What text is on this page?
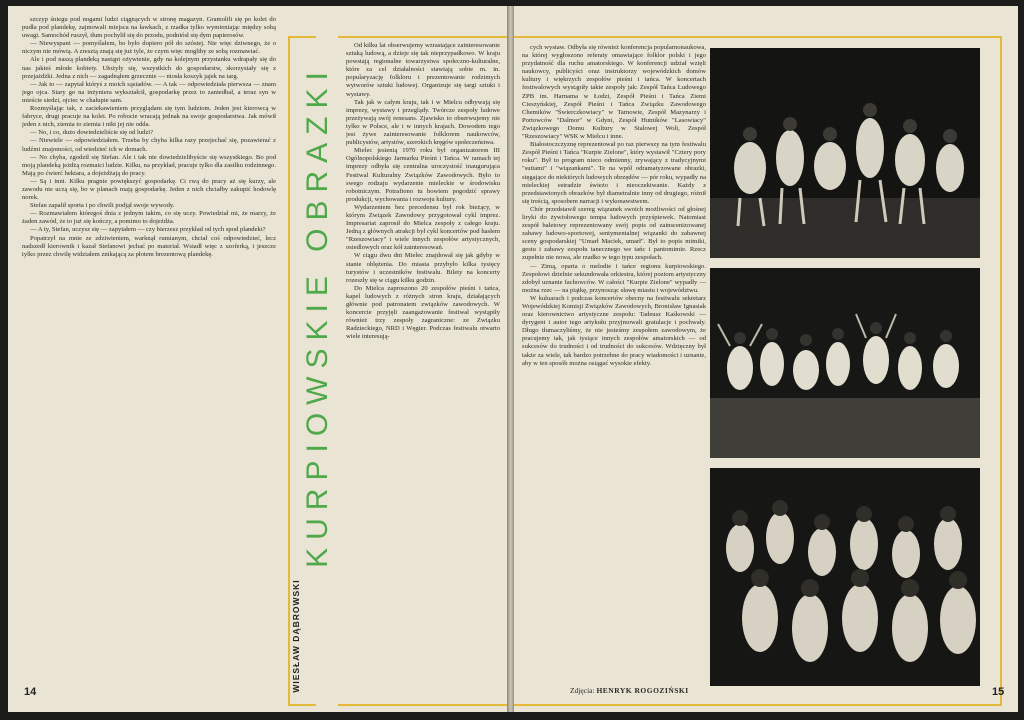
szczyp śniegu pod nogami ludzi ciągnących w stronę magazyn. Gramolili się po kolei do pudła pod plandekę, zajmowali miejsca na ławkach, z rzadka tylko wymieniając między sobą uwagi. Samochód ruszył, tłum pochylił się do przodu, podniósł się dym papierosów.

— Niewyspani — pomyślałem, bo było dopiero pół do szóstej. Nie więc dziwnego, że o niczym nie mówią. A zresztą znają się już tyle, że czym więc mogliby ze sobą rozmawiać.

Ale i pod naszą plandeką nastąpi ożywienie, gdy na kolejnym przystanku wdrapały się do nas jakieś młode kobiety. Ułożyły się, wszystkich do gospodarstw, skorzystały się z przejażdżki. Jedna z nich — zagadnąłem grzecznie — niosła koszyk jajek na targ.

— Jak to — zapytał któryś z moich sąsiadów. — A tak — odpowiedziała pierwsza — znam jego ojca. Stary go na inżyniera wykształcił, gospodarkę przez to zaniedbał, a teraz syn w mieście siedzi, ojciec w chałupie sam.

Rozmyślając tak, z zaciekawieniem przyglądam się tym ludziom. Jeden jest kierowcą w fabryce, drugi pracuje na kolei. Po robocie wracają jednak na swoje gospodarstwa. Jak mówił jeden z nich, ziemia to ziemia i nikt jej nie odda.

— No, i co, dużo dowiedzieliście się od ludzi?

— Niewiele — odpowiedziałem. Trzeba by chyba kilka razy przejechać się, pozawierać z ludźmi znajomości, od wiedzieć ich w domach.

— No chyba, zgodził się Stefan. Ale i tak nie dowiedzielibyście się wszystkiego. Bo pod moją plandeką jeżdżą rozmaici ludzie. Kilku, na przykład, pracuje tylko dla zasiłku rodzinnego. Mają po ćwierć hektara, a dojeżdżają do pracy.

— Są i inni. Kilku pragnie powiększyć gospodarkę. Ci rwą do pracy aż się kurzy, ale zawodu nie uczą się, bo w planach mają gospodarkę. Jeden z nich chciałby zakupić hodowlę norek.

Stefan zapalił sporta i po chwili podjął swoje wywody.

— Rozmawiałem któregoś dnia z jednym takim, co się uczy. Powiedział mi, że marzy, że żaden zawód, że to już się kończy, a pomimo to dojeżdża.

— A ty, Stefan, uczysz się — zapytałem — czy bierzesz przykład od tych spod plandeki?

Popatrzył na mnie ze zdziwieniem, warknął rumianym, chciał coś odpowiedzieć, lecz nadszedł kierownik i kazał Stefanowi jechać po materiał. Wsiadł więc z szoferką, i jeszcze tylko przez chwilę widziałem znikającą za płotem brezentową plandekę.

14
KURPIOWSKIE OBRAZKI
WIESŁAW DĄBROWSKI

Od kilku lat obserwujemy wzrastające zainteresowanie sztuką ludową, a dzieje się tak nieprzypadkowo. W kraju powstają regionalne towarzystwa społeczno-kulturalne, które za cel działalności stawiają sobie m. in. popularyzację folkloru i prezentowanie rodzimych wytworów sztuki ludowej. Organizuje się targi sztuki i wystawy.

Tak jak w całym kraju, tak i w Mielcu odbywają się imprezy, wystawy i przeglądy. Twórcze zespoły ludowe przeżywają swój renesans. Zjawisko to obserwujemy nie tylko w Polsce, ale i w innych krajach. Dowodem tego jest żywe zainteresowanie folklorem naukowców, publicystów, artystów, szerokich kręgów społeczeństwa.

Mielec jesienią 1970 roku był organizatorem III Ogólnopolskiego Jarmarku Pieśni i Tańca. W ramach tej imprezy odbyła się centralna uroczystość inaugurująca Festiwal Kulturalny Związków Zawodowych. Było to swego rodzaju wydarzenie mieleckie w środowisku robotniczym. Potrafiono tu bowiem pogodzić sprawy produkcji, wychowania i rozwoju kultury.

Wydarzeniem bez precedensu był rok bieżący, w którym Związek Zawodowy przygotował cykl imprez. Impresariat zaprosił do Mielca zespoły z całego kraju. Jedną z głównych atrakcji był cykl koncertów pod hasłem "Rzeszowiacy" i wiele innych zespołów artystycznych, osiedlowych oraz kół zainteresowań.

W ciągu dwu dni Mielec znajdował się jak gdyby w stanie oblężenia. Do miasta przybyło kilka tysięcy turystów i uczestników festiwalu. Bilety na koncerty rozeszły się w ciągu kilku godzin.

Do Mielca zaproszono 20 zespołów pieśni i tańca, kapel ludowych z różnych stron kraju, działających głównie pod patronatem związków zawodowych. W koncercie przyjęli zaangażowanie festiwal wystąpiły również trzy zespoły zagraniczne: ze Związku Radzieckiego, NRD i Węgier. Podczas festiwalu otwarto wiele interesują-

cych wystaw. Odbyła się również konferencja popularnonaukowa, na której wygłoszono referaty omawiające folklor polski i jego przydatność dla ruchu amatorskiego. W konferencji udział wzięli naukowcy, publicyści oraz instruktorzy wojewódzkich domów kultury i więkrzych zespołów pieśni i tańca. W koncertach festiwalowych wystąpiły takie zespoły jak: Zespół Tańca Ludowego ZPB im. Harnama w Łodzi, Zespół Pieśni i Tańca Ziemi Cieszyńskiej, Zespół Pieśni i Tańca Związku Zawodowego Chemików "Świerczkowiacy" w Tarnowie, Zespół Mazynarzy i Portowców "Dalmor" w Gdyni, Zespół Hutników "Lasowiacy" Związkowego Domu Kultury w Stalowej Woli, Zespół "Rzeszowiacy" WSK w Mielcu i inne.

Białostoczczyznę reprezentował po raz pierwszy na tym festiwalu Zespół Pieśni i Tańca "Kurpie Zielone", który wystawił "Cztery pory roku". Był to program nieco odmienny, zrywający z tradycyjnymi "suitami" i "wiązankami". Te na wpół odramatyzowane obrazki, sięgające do niektórych ludowych obrzędów — pór roku, wypadły na mieleckiej estradzie świeżo i nieoczekiwanie. Każdy z przedstawionych obrazków był diametralnie inny od drugiego, różnił się treścią, sposobem narracji i wykonawstwem.

Chór przedstawił szereg wiązanek swoich możliwości od głośnej liryki do żywiołowego tempa ludowych przyśpiewek. Natomiast zespół baletowy reprezentowany swój popis od zainscenizowanej zabawy ludowo-sportowej, sentymentalnej wiązanki do zabawnej sceny gospodarskiej "Umarł Maciek, umarł". Był to popis mimiki, gestu i zabawy zespołu tanecznego we tańc i pantomimie. Rzecz zupełnie nie nowa, ale rzadko w tego typu zespołach.

— Zimą, oparta o melodie i tańce regionu kurpiowskiego. Zespołowi dzielnie sekundowała orkiestra, której poziom artystyczny zdobył uznanie fachowców. W całości "Kurpie Zielone" wypadły — można rzec — na piątkę, przynosząc sławę miastu i województwu.

W kuluarach i podczas koncertów obecny na festiwalu sekretarz Wojewódzkiej Komisji Związków Zawodowych, Bronisław Ignasiak oraz kierownictwo artystyczne zespołu: Tadeusz Kaśkowski — dyrygent i autor tego artykułu przyjmowali gratulacje i pochwały. Długo tłumaczyliśmy, że nie jesteśmy zespołem zawodowym, że pracujemy tak, jak tysiące innych zespołów amatorskich — od sukcesów do trudności i od trudności do sukcesów. Wdzięczny był także za wiele, tak bardzo potrzebne do pracy wiadomości i uznanie, aby w ten sposób można osiągać wysokie efekty.

15
Zdjęcia: HENRYK ROGOZIŃSKI
